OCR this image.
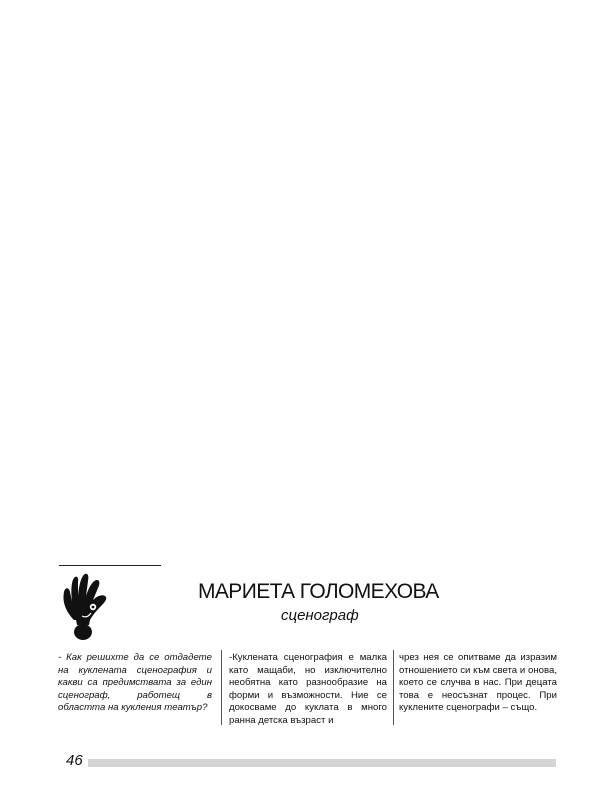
МАРИЕТА ГОЛОМЕХОВА
сценограф

- Как решихте да се отдадете на куклената сценография и какви са предимствата за един сценограф, работещ в областта на кукления театър?

-Куклената сценография е малка като мащаби, но изключително необятна като разнообразие на форми и възможности. Ние се докосваме до куклата в много ранна детска възраст и

чрез нея се опитваме да изразим отношението си към света и онова, което се случва в нас. При децата това е неосъзнат процес. При куклените сценографи – също.

46
